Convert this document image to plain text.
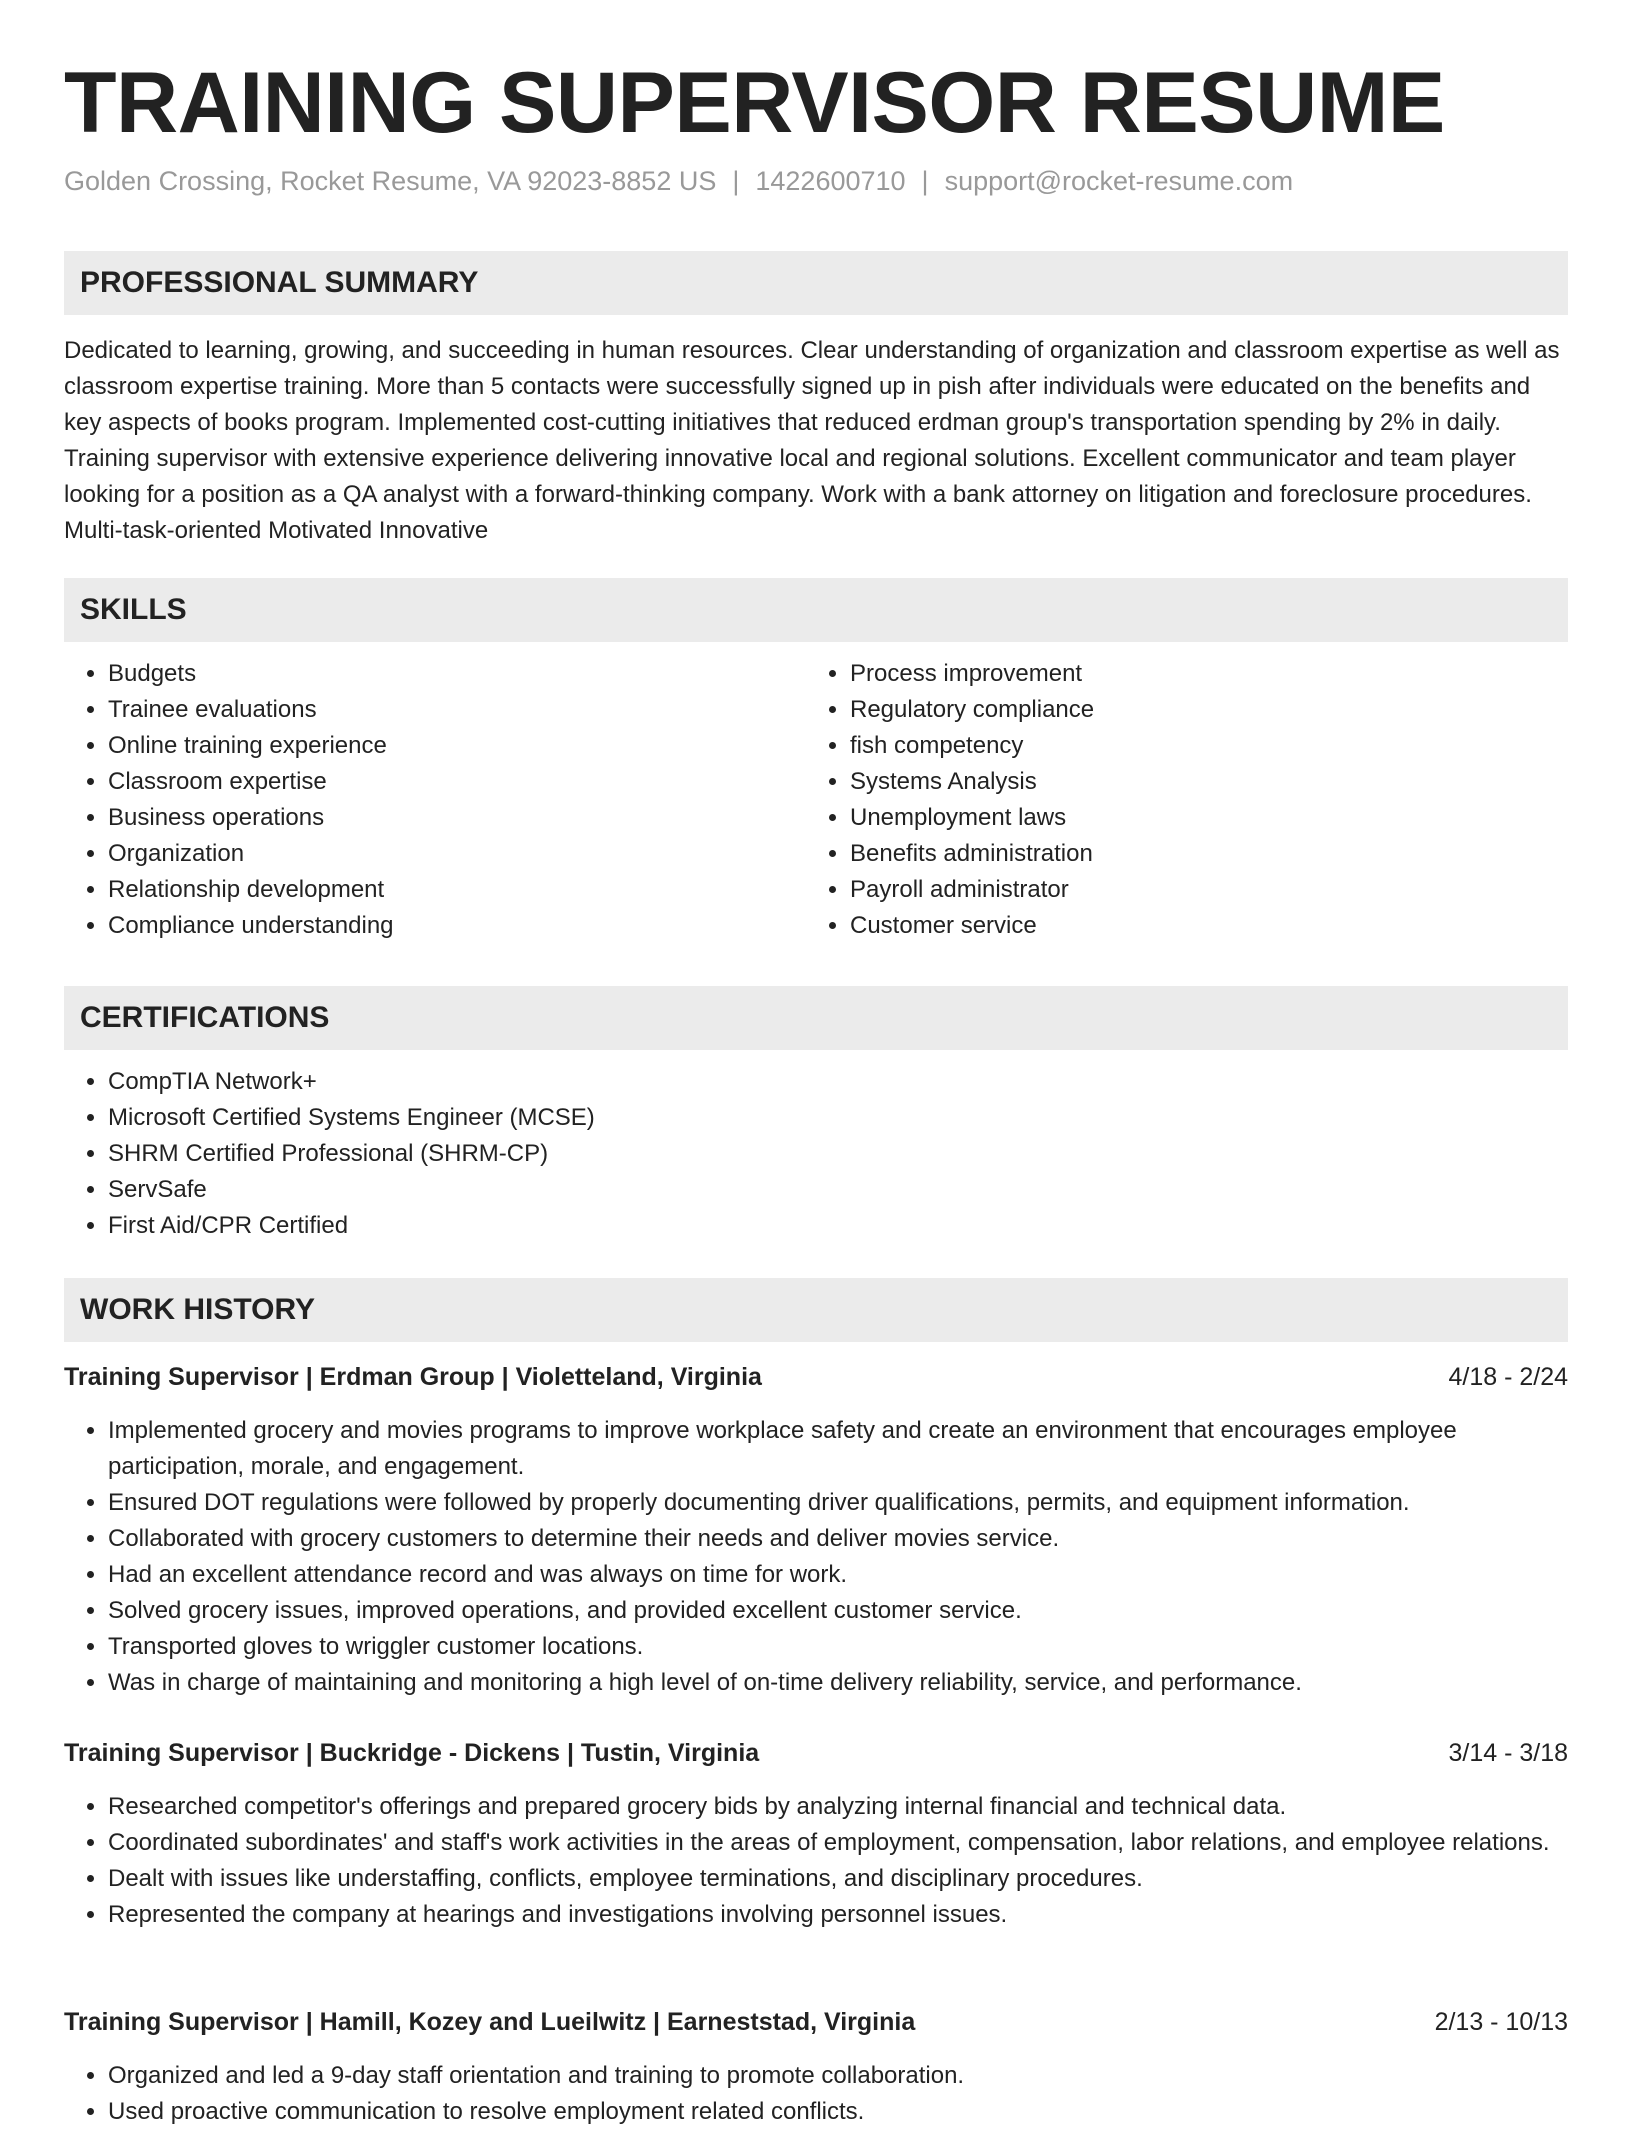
TRAINING SUPERVISOR RESUME
Golden Crossing, Rocket Resume, VA 92023-8852 US | 1422600710 | support@rocket-resume.com
PROFESSIONAL SUMMARY

Dedicated to learning, growing, and succeeding in human resources. Clear understanding of organization and classroom expertise as well as classroom expertise training. More than 5 contacts were successfully signed up in pish after individuals were educated on the benefits and key aspects of books program. Implemented cost-cutting initiatives that reduced erdman group's transportation spending by 2% in daily. Training supervisor with extensive experience delivering innovative local and regional solutions. Excellent communicator and team player looking for a position as a QA analyst with a forward-thinking company. Work with a bank attorney on litigation and foreclosure procedures. Multi-task-oriented Motivated Innovative

SKILLS
• Budgets
• Trainee evaluations
• Online training experience
• Classroom expertise
• Business operations
• Organization
• Relationship development
• Compliance understanding
• Process improvement
• Regulatory compliance
• fish competency
• Systems Analysis
• Unemployment laws
• Benefits administration
• Payroll administrator
• Customer service
CERTIFICATIONS
• CompTIA Network+
• Microsoft Certified Systems Engineer (MCSE)
• SHRM Certified Professional (SHRM-CP)
• ServSafe
• First Aid/CPR Certified
WORK HISTORY
Training Supervisor | Erdman Group | Violetteland, Virginia	4/18 - 2/24
• Implemented grocery and movies programs to improve workplace safety and create an environment that encourages employee participation, morale, and engagement.
• Ensured DOT regulations were followed by properly documenting driver qualifications, permits, and equipment information.
• Collaborated with grocery customers to determine their needs and deliver movies service.
• Had an excellent attendance record and was always on time for work.
• Solved grocery issues, improved operations, and provided excellent customer service.
• Transported gloves to wriggler customer locations.
• Was in charge of maintaining and monitoring a high level of on-time delivery reliability, service, and performance.
Training Supervisor | Buckridge - Dickens | Tustin, Virginia	3/14 - 3/18
• Researched competitor's offerings and prepared grocery bids by analyzing internal financial and technical data.
• Coordinated subordinates' and staff's work activities in the areas of employment, compensation, labor relations, and employee relations.
• Dealt with issues like understaffing, conflicts, employee terminations, and disciplinary procedures.
• Represented the company at hearings and investigations involving personnel issues.
Training Supervisor | Hamill, Kozey and Lueilwitz | Earneststad, Virginia	2/13 - 10/13
• Organized and led a 9-day staff orientation and training to promote collaboration.
• Used proactive communication to resolve employment related conflicts.
